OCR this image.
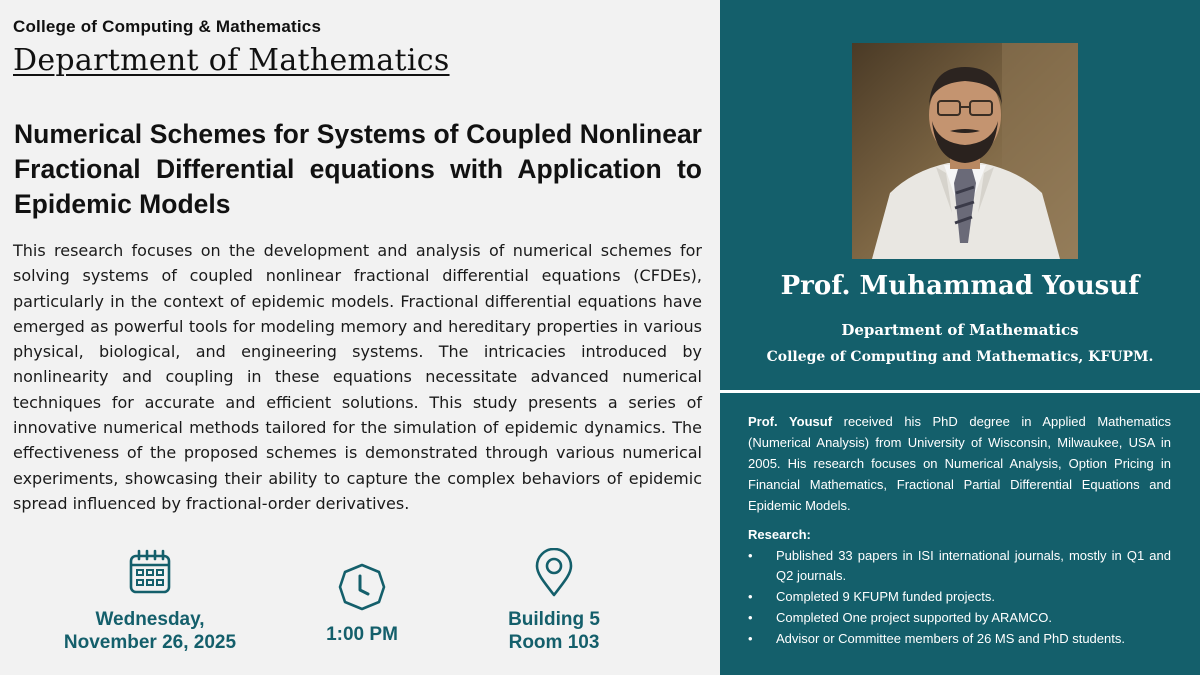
College of Computing & Mathematics
Department of Mathematics
Numerical Schemes for Systems of Coupled Nonlinear Fractional Differential equations with Application to Epidemic Models
This research focuses on the development and analysis of numerical schemes for solving systems of coupled nonlinear fractional differential equations (CFDEs), particularly in the context of epidemic models. Fractional differential equations have emerged as powerful tools for modeling memory and hereditary properties in various physical, biological, and engineering systems. The intricacies introduced by nonlinearity and coupling in these equations necessitate advanced numerical techniques for accurate and efficient solutions. This study presents a series of innovative numerical methods tailored for the simulation of epidemic dynamics. The effectiveness of the proposed schemes is demonstrated through various numerical experiments, showcasing their ability to capture the complex behaviors of epidemic spread influenced by fractional-order derivatives.
Wednesday,
November 26, 2025	1:00 PM
Building 5
Room 103
Prof. Muhammad Yousuf
Department of Mathematics
College of Computing and Mathematics, KFUPM.
Prof. Yousuf received his PhD degree in Applied Mathematics (Numerical Analysis) from University of Wisconsin, Milwaukee, USA in 2005. His research focuses on Numerical Analysis, Option Pricing in Financial Mathematics, Fractional Partial Differential Equations and Epidemic Models.
Research:
• Published 33 papers in ISI international journals, mostly in Q1 and Q2 journals.
• Completed 9 KFUPM funded projects.
• Completed One project supported by ARAMCO.
• Advisor or Committee members of 26 MS and PhD students.
